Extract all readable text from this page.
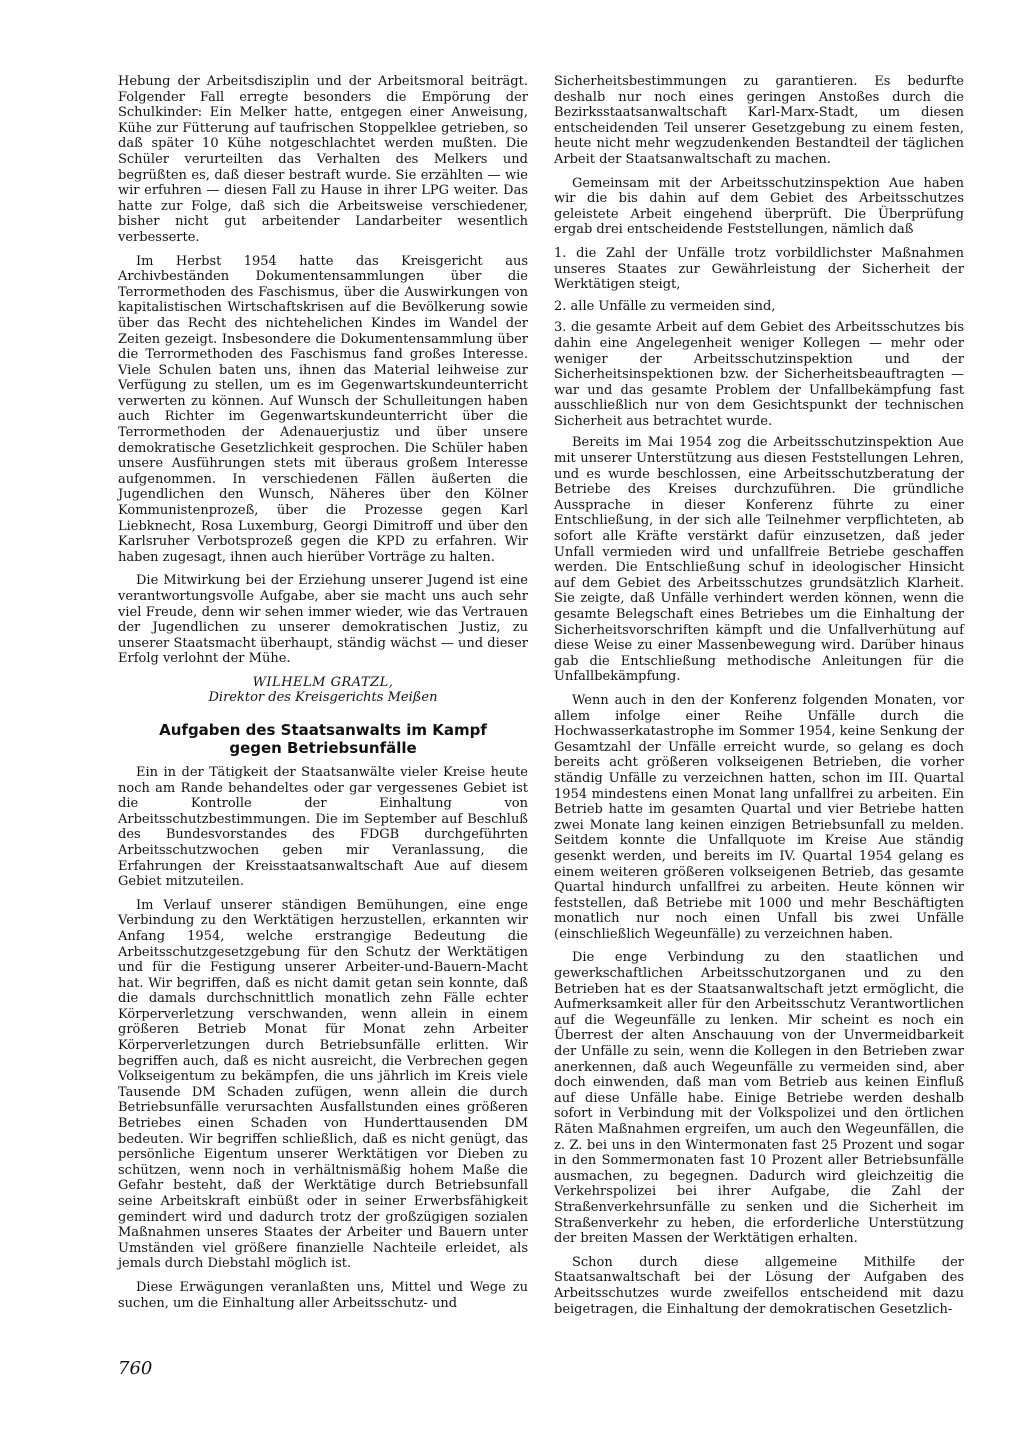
Hebung der Arbeitsdisziplin und der Arbeitsmoral beiträgt. Folgender Fall erregte besonders die Empörung der Schulkinder: Ein Melker hatte, entgegen einer Anweisung, Kühe zur Fütterung auf taufrischen Stoppelklee getrieben, so daß später 10 Kühe notgeschlachtet werden mußten. Die Schüler verurteilten das Verhalten des Melkers und begrüßten es, daß dieser bestraft wurde. Sie erzählten — wie wir erfuhren — diesen Fall zu Hause in ihrer LPG weiter. Das hatte zur Folge, daß sich die Arbeitsweise verschiedener, bisher nicht gut arbeitender Landarbeiter wesentlich verbesserte.

Im Herbst 1954 hatte das Kreisgericht aus Archivbeständen Dokumentensammlungen über die Terrormethoden des Faschismus, über die Auswirkungen von kapitalistischen Wirtschaftskrisen auf die Bevölkerung sowie über das Recht des nichtehelichen Kindes im Wandel der Zeiten gezeigt. Insbesondere die Dokumentensammlung über die Terrormethoden des Faschismus fand großes Interesse. Viele Schulen baten uns, ihnen das Material leihweise zur Verfügung zu stellen, um es im Gegenwartskundeunterricht verwerten zu können. Auf Wunsch der Schulleitungen haben auch Richter im Gegenwartskundeunterricht über die Terrormethoden der Adenauerjustiz und über unsere demokratische Gesetzlichkeit gesprochen. Die Schüler haben unsere Ausführungen stets mit überaus großem Interesse aufgenommen. In verschiedenen Fällen äußerten die Jugendlichen den Wunsch, Näheres über den Kölner Kommunistenprozeß, über die Prozesse gegen Karl Liebknecht, Rosa Luxemburg, Georgi Dimitroff und über den Karlsruher Verbotsprozeß gegen die KPD zu erfahren. Wir haben zugesagt, ihnen auch hierüber Vorträge zu halten.

Die Mitwirkung bei der Erziehung unserer Jugend ist eine verantwortungsvolle Aufgabe, aber sie macht uns auch sehr viel Freude, denn wir sehen immer wieder, wie das Vertrauen der Jugendlichen zu unserer demokratischen Justiz, zu unserer Staatsmacht überhaupt, ständig wächst — und dieser Erfolg verlohnt der Mühe.

WILHELM GRATZL,

Direktor des Kreisgerichts Meißen

Aufgaben des Staatsanwalts im Kampf
gegen Betriebsunfälle

Ein in der Tätigkeit der Staatsanwälte vieler Kreise heute noch am Rande behandeltes oder gar vergessenes Gebiet ist die Kontrolle der Einhaltung von Arbeitsschutzbestimmungen. Die im September auf Beschluß des Bundesvorstandes des FDGB durchgeführten Arbeitsschutzwochen geben mir Veranlassung, die Erfahrungen der Kreisstaatsanwaltschaft Aue auf diesem Gebiet mitzuteilen.

Im Verlauf unserer ständigen Bemühungen, eine enge Verbindung zu den Werktätigen herzustellen, erkannten wir Anfang 1954, welche erstrangige Bedeutung die Arbeitsschutzgesetzgebung für den Schutz der Werktätigen und für die Festigung unserer Arbeiter-und-Bauern-Macht hat. Wir begriffen, daß es nicht damit getan sein konnte, daß die damals durchschnittlich monatlich zehn Fälle echter Körperverletzung verschwanden, wenn allein in einem größeren Betrieb Monat für Monat zehn Arbeiter Körperverletzungen durch Betriebsunfälle erlitten. Wir begriffen auch, daß es nicht ausreicht, die Verbrechen gegen Volkseigentum zu bekämpfen, die uns jährlich im Kreis viele Tausende DM Schaden zufügen, wenn allein die durch Betriebsunfälle verursachten Ausfallstunden eines größeren Betriebes einen Schaden von Hunderttausenden DM bedeuten. Wir begriffen schließlich, daß es nicht genügt, das persönliche Eigentum unserer Werktätigen vor Dieben zu schützen, wenn noch in verhältnismäßig hohem Maße die Gefahr besteht, daß der Werktätige durch Betriebsunfall seine Arbeitskraft einbüßt oder in seiner Erwerbsfähigkeit gemindert wird und dadurch trotz der großzügigen sozialen Maßnahmen unseres Staates der Arbeiter und Bauern unter Umständen viel größere finanzielle Nachteile erleidet, als jemals durch Diebstahl möglich ist.

Diese Erwägungen veranlaßten uns, Mittel und Wege zu suchen, um die Einhaltung aller Arbeitsschutz- und

Sicherheitsbestimmungen zu garantieren. Es bedurfte deshalb nur noch eines geringen Anstoßes durch die Bezirksstaatsanwaltschaft Karl-Marx-Stadt, um diesen entscheidenden Teil unserer Gesetzgebung zu einem festen, heute nicht mehr wegzudenkenden Bestandteil der täglichen Arbeit der Staatsanwaltschaft zu machen.

Gemeinsam mit der Arbeitsschutzinspektion Aue haben wir die bis dahin auf dem Gebiet des Arbeitsschutzes geleistete Arbeit eingehend überprüft. Die Überprüfung ergab drei entscheidende Feststellungen, nämlich daß

1. die Zahl der Unfälle trotz vorbildlichster Maßnahmen unseres Staates zur Gewährleistung der Sicherheit der Werktätigen steigt,

2. alle Unfälle zu vermeiden sind,

3. die gesamte Arbeit auf dem Gebiet des Arbeitsschutzes bis dahin eine Angelegenheit weniger Kollegen — mehr oder weniger der Arbeitsschutzinspektion und der Sicherheitsinspektionen bzw. der Sicherheitsbeauftragten — war und das gesamte Problem der Unfallbekämpfung fast ausschließlich nur von dem Gesichtspunkt der technischen Sicherheit aus betrachtet wurde.

Bereits im Mai 1954 zog die Arbeitsschutzinspektion Aue mit unserer Unterstützung aus diesen Feststellungen Lehren, und es wurde beschlossen, eine Arbeitsschutzberatung der Betriebe des Kreises durchzuführen. Die gründliche Aussprache in dieser Konferenz führte zu einer Entschließung, in der sich alle Teilnehmer verpflichteten, ab sofort alle Kräfte verstärkt dafür einzusetzen, daß jeder Unfall vermieden wird und unfallfreie Betriebe geschaffen werden. Die Entschließung schuf in ideologischer Hinsicht auf dem Gebiet des Arbeitsschutzes grundsätzlich Klarheit. Sie zeigte, daß Unfälle verhindert werden können, wenn die gesamte Belegschaft eines Betriebes um die Einhaltung der Sicherheitsvorschriften kämpft und die Unfallverhütung auf diese Weise zu einer Massenbewegung wird. Darüber hinaus gab die Entschließung methodische Anleitungen für die Unfallbekämpfung.

Wenn auch in den der Konferenz folgenden Monaten, vor allem infolge einer Reihe Unfälle durch die Hochwasserkatastrophe im Sommer 1954, keine Senkung der Gesamtzahl der Unfälle erreicht wurde, so gelang es doch bereits acht größeren volkseigenen Betrieben, die vorher ständig Unfälle zu verzeichnen hatten, schon im III. Quartal 1954 mindestens einen Monat lang unfallfrei zu arbeiten. Ein Betrieb hatte im gesamten Quartal und vier Betriebe hatten zwei Monate lang keinen einzigen Betriebsunfall zu melden. Seitdem konnte die Unfallquote im Kreise Aue ständig gesenkt werden, und bereits im IV. Quartal 1954 gelang es einem weiteren größeren volkseigenen Betrieb, das gesamte Quartal hindurch unfallfrei zu arbeiten. Heute können wir feststellen, daß Betriebe mit 1000 und mehr Beschäftigten monatlich nur noch einen Unfall bis zwei Unfälle (einschließlich Wegeunfälle) zu verzeichnen haben.

Die enge Verbindung zu den staatlichen und gewerkschaftlichen Arbeitsschutzorganen und zu den Betrieben hat es der Staatsanwaltschaft jetzt ermöglicht, die Aufmerksamkeit aller für den Arbeitsschutz Verantwortlichen auf die Wegeunfälle zu lenken. Mir scheint es noch ein Überrest der alten Anschauung von der Unvermeidbarkeit der Unfälle zu sein, wenn die Kollegen in den Betrieben zwar anerkennen, daß auch Wegeunfälle zu vermeiden sind, aber doch einwenden, daß man vom Betrieb aus keinen Einfluß auf diese Unfälle habe. Einige Betriebe werden deshalb sofort in Verbindung mit der Volkspolizei und den örtlichen Räten Maßnahmen ergreifen, um auch den Wegeunfällen, die z. Z. bei uns in den Wintermonaten fast 25 Prozent und sogar in den Sommermonaten fast 10 Prozent aller Betriebsunfälle ausmachen, zu begegnen. Dadurch wird gleichzeitig die Verkehrspolizei bei ihrer Aufgabe, die Zahl der Straßenverkehrsunfälle zu senken und die Sicherheit im Straßenverkehr zu heben, die erforderliche Unterstützung der breiten Massen der Werktätigen erhalten.

Schon durch diese allgemeine Mithilfe der Staatsanwaltschaft bei der Lösung der Aufgaben des Arbeitsschutzes wurde zweifellos entscheidend mit dazu beigetragen, die Einhaltung der demokratischen Gesetzlich-

760
